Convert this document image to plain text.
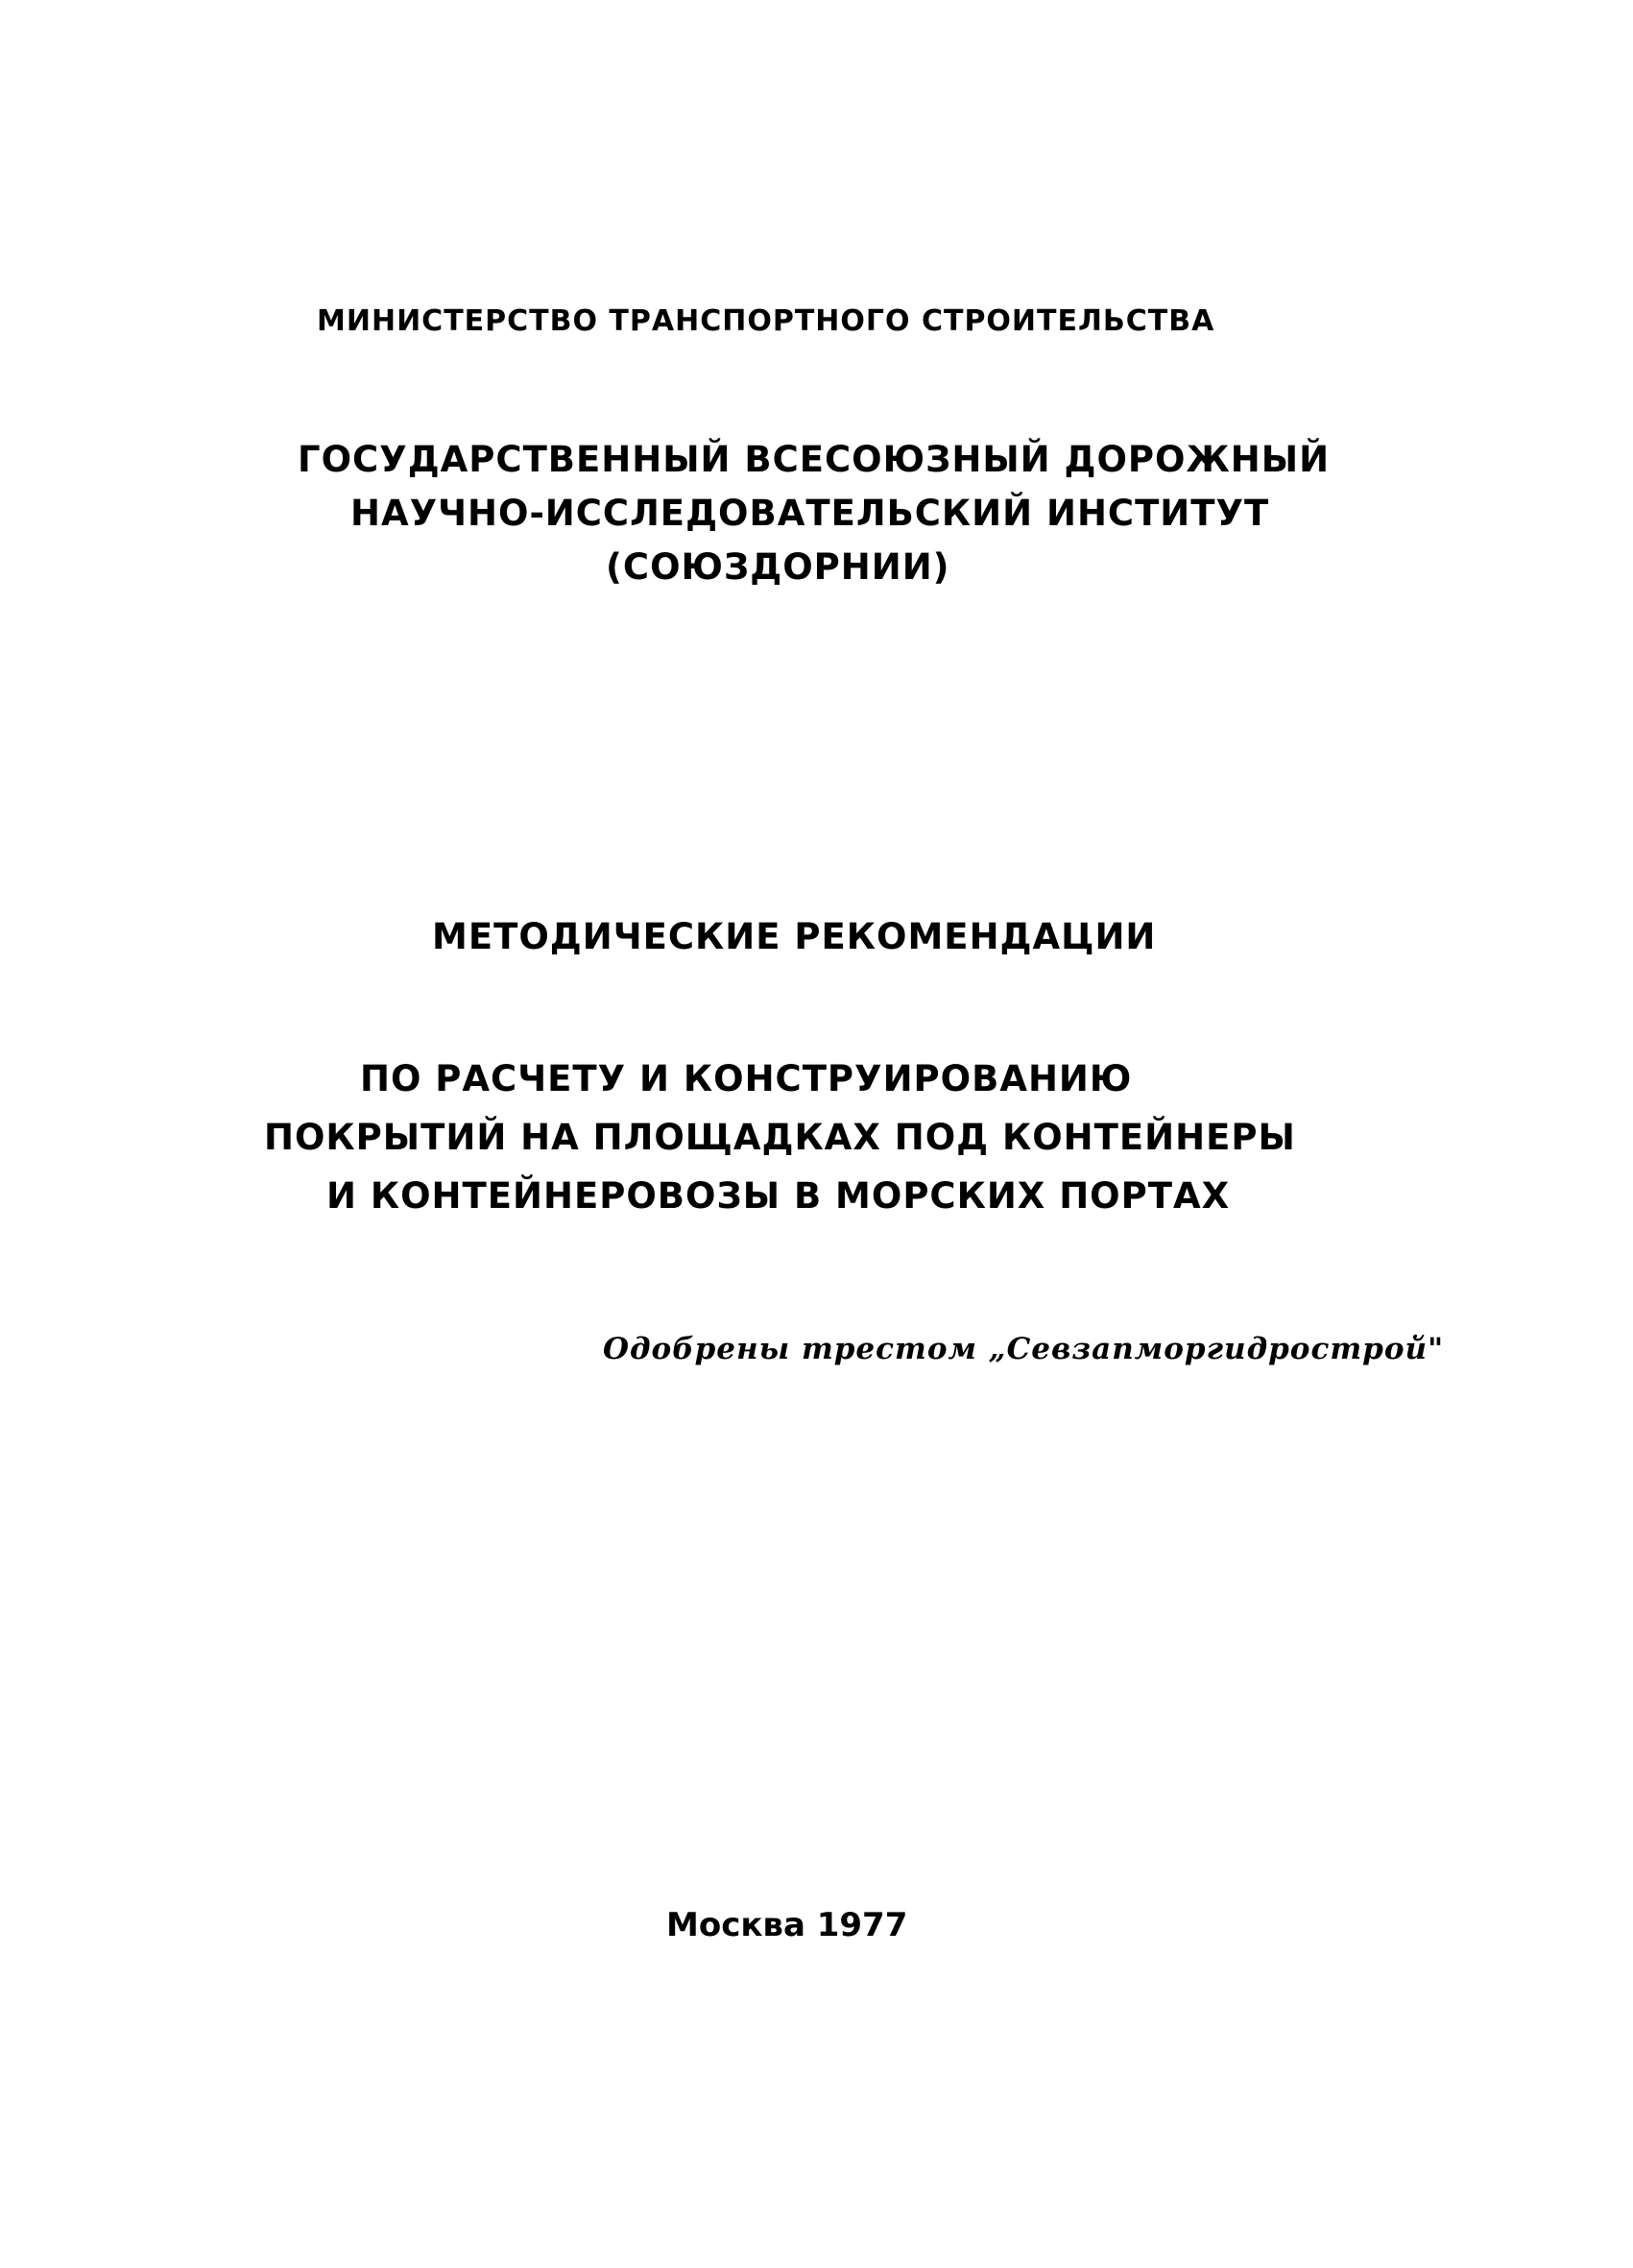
МИНИСТЕРСТВО ТРАНСПОРТНОГО СТРОИТЕЛЬСТВА
ГОСУДАРСТВЕННЫЙ ВСЕСОЮЗНЫЙ ДОРОЖНЫЙ
НАУЧНО-ИССЛЕДОВАТЕЛЬСКИЙ ИНСТИТУТ
(СОЮЗДОРНИИ)
МЕТОДИЧЕСКИЕ РЕКОМЕНДАЦИИ
ПО РАСЧЕТУ И КОНСТРУИРОВАНИЮ
ПОКРЫТИЙ НА ПЛОЩАДКАХ ПОД КОНТЕЙНЕРЫ
И КОНТЕЙНЕРОВОЗЫ В МОРСКИХ ПОРТАХ
Одобрены трестом „Севзапморгидрострой"
Москва 1977
